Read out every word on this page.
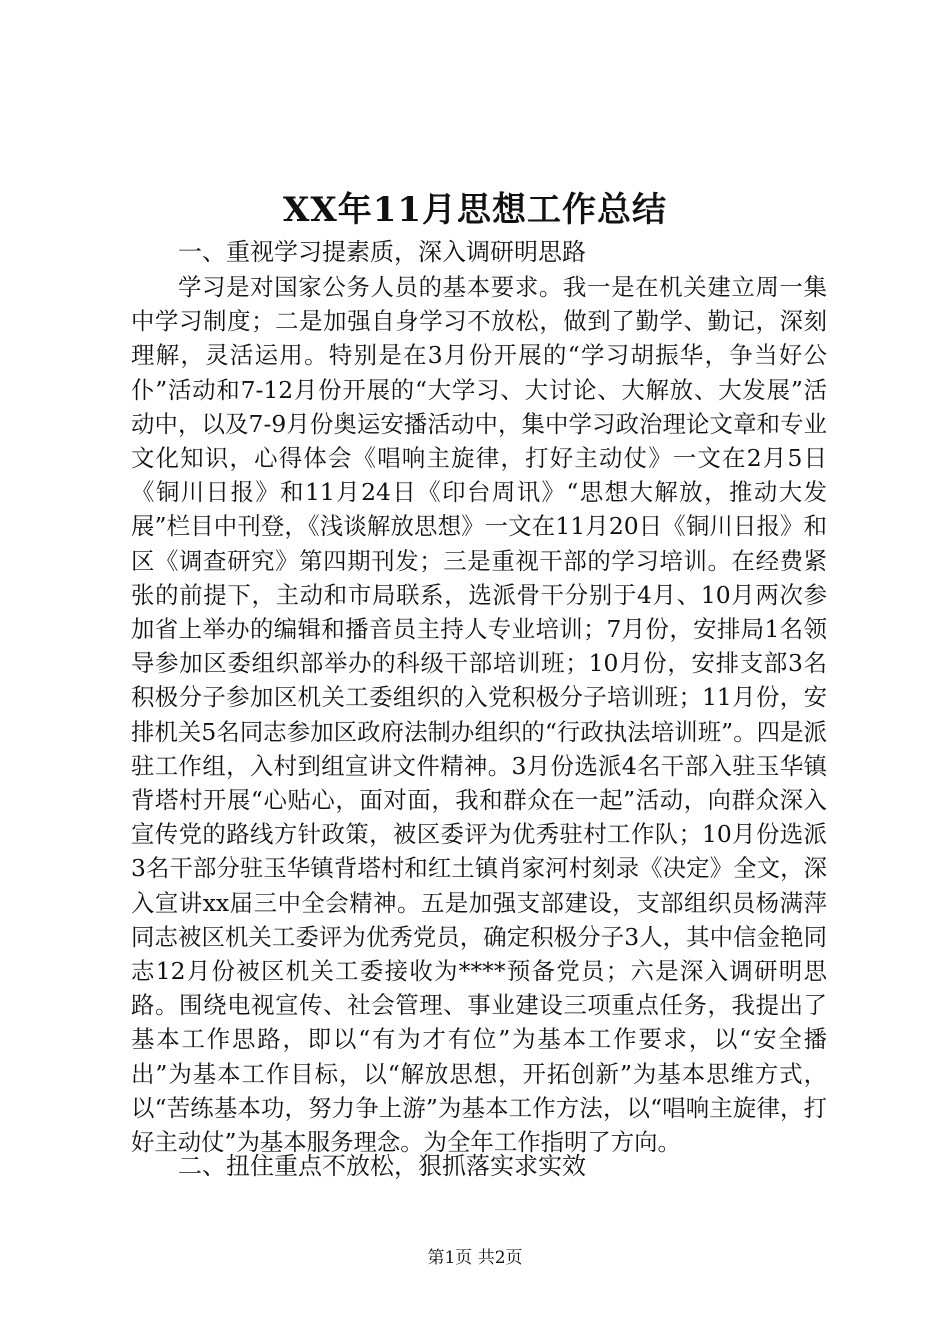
XX年11月思想工作总结

一、重视学习提素质，深入调研明思路

学习是对国家公务人员的基本要求。我一是在机关建立周一集中学习制度；二是加强自身学习不放松，做到了勤学、勤记，深刻理解，灵活运用。特别是在3月份开展的“学习胡振华，争当好公仆”活动和7-12月份开展的“大学习、大讨论、大解放、大发展”活动中，以及7-9月份奥运安播活动中，集中学习政治理论文章和专业文化知识，心得体会《唱响主旋律，打好主动仗》一文在2月5日《铜川日报》和11月24日《印台周讯》“思想大解放，推动大发展”栏目中刊登，《浅谈解放思想》一文在11月20日《铜川日报》和区《调查研究》第四期刊发；三是重视干部的学习培训。在经费紧张的前提下，主动和市局联系，选派骨干分别于4月、10月两次参加省上举办的编辑和播音员主持人专业培训；7月份，安排局1名领导参加区委组织部举办的科级干部培训班；10月份，安排支部3名积极分子参加区机关工委组织的入党积极分子培训班；11月份，安排机关5名同志参加区政府法制办组织的“行政执法培训班”。四是派驻工作组，入村到组宣讲文件精神。3月份选派4名干部入驻玉华镇背塔村开展“心贴心，面对面，我和群众在一起”活动，向群众深入宣传党的路线方针政策，被区委评为优秀驻村工作队；10月份选派3名干部分驻玉华镇背塔村和红土镇肖家河村刻录《决定》全文，深入宣讲xx届三中全会精神。五是加强支部建设，支部组织员杨满萍同志被区机关工委评为优秀党员，确定积极分子3人，其中信金艳同志12月份被区机关工委接收为****预备党员；六是深入调研明思路。围绕电视宣传、社会管理、事业建设三项重点任务，我提出了基本工作思路，即以“有为才有位”为基本工作要求，以“安全播出”为基本工作目标，以“解放思想，开拓创新”为基本思维方式，以“苦练基本功，努力争上游”为基本工作方法，以“唱响主旋律，打好主动仗”为基本服务理念。为全年工作指明了方向。

二、扭住重点不放松，狠抓落实求实效

第1页 共2页
